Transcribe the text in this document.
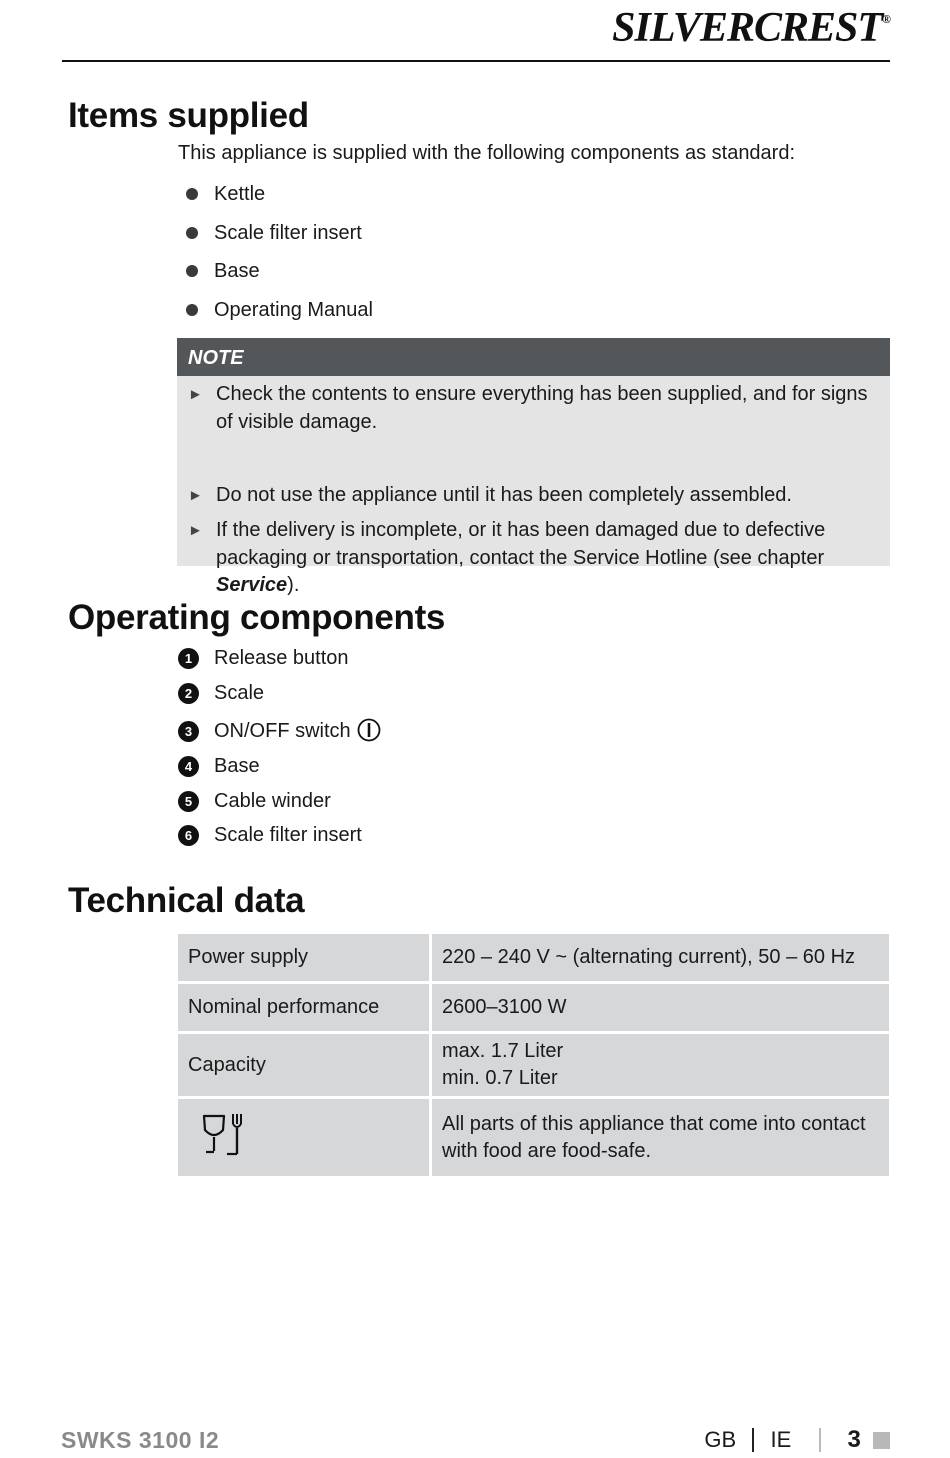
SILVERCREST®
Items supplied

This appliance is supplied with the following components as standard:

Kettle
Scale filter insert
Base
Operating Manual
NOTE
► Check the contents to ensure everything has been supplied, and for signs of visible damage.
► Do not use the appliance until it has been completely assembled.
► If the delivery is incomplete, or it has been damaged due to defective packaging or transportation, contact the Service Hotline (see chapter Service).
Operating components
1	Release button
2	Scale
3	ON/OFF switch
4	Base
5	Cable winder
6	Scale filter insert
Technical data
Power supply	220 – 240 V ~ (alternating current), 50 – 60 Hz
Nominal performance	2600–3100 W
Capacity	max. 1.7 Liter
min. 0.7 Liter

All parts of this appliance that come into contact
with food are food-safe.
SWKS 3100 I2	GB IE 3
